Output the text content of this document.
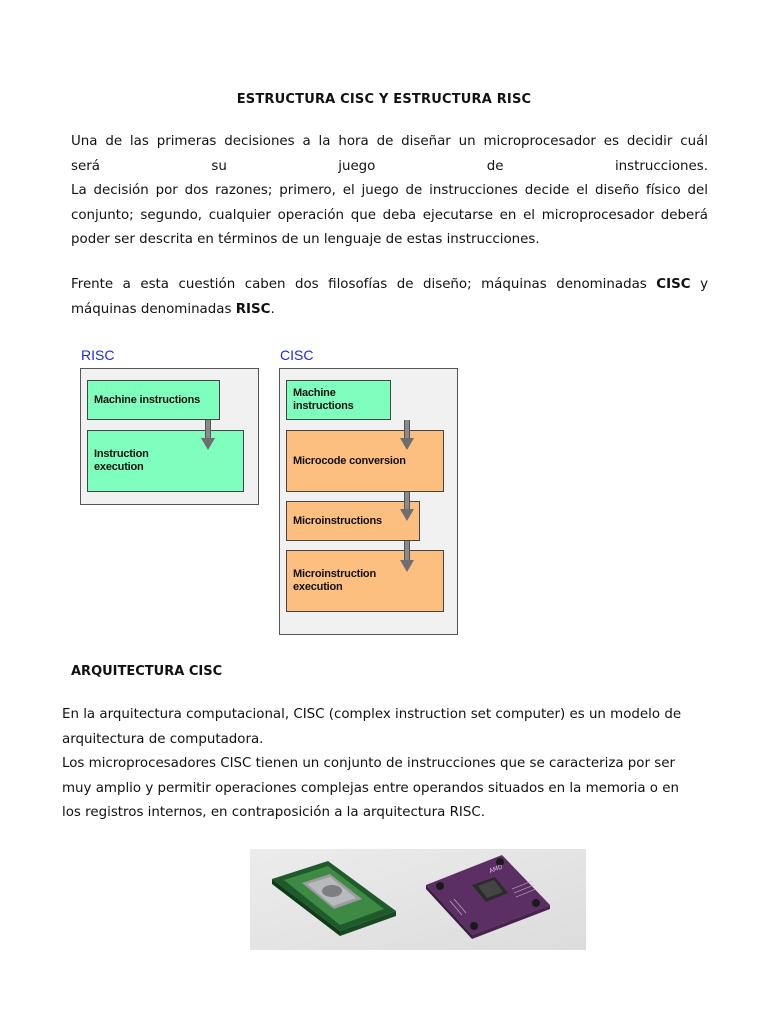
ESTRUCTURA CISC Y ESTRUCTURA RISC
Una de las primeras decisiones a la hora de diseñar un microprocesador es decidir cuál
será su juego de instrucciones.
La decisión por dos razones; primero, el juego de instrucciones decide el diseño físico del
conjunto; segundo, cualquier operación que deba ejecutarse en el microprocesador deberá
poder ser descrita en términos de un lenguaje de estas instrucciones.
Frente a esta cuestión caben dos filosofías de diseño; máquinas denominadas CISC y
máquinas denominadas RISC.
RISC	CISC
Machine instructions
Instruction
execution
Machine instructions
Microcode conversion
Microinstructions
Microinstruction
execution
ARQUITECTURA CISC
En la arquitectura computacional, CISC (complex instruction set computer) es un modelo de
arquitectura de computadora.
Los microprocesadores CISC tienen un conjunto de instrucciones que se caracteriza por ser
muy amplio y permitir operaciones complejas entre operandos situados en la memoria o en
los registros internos, en contraposición a la arquitectura RISC.
AMD
